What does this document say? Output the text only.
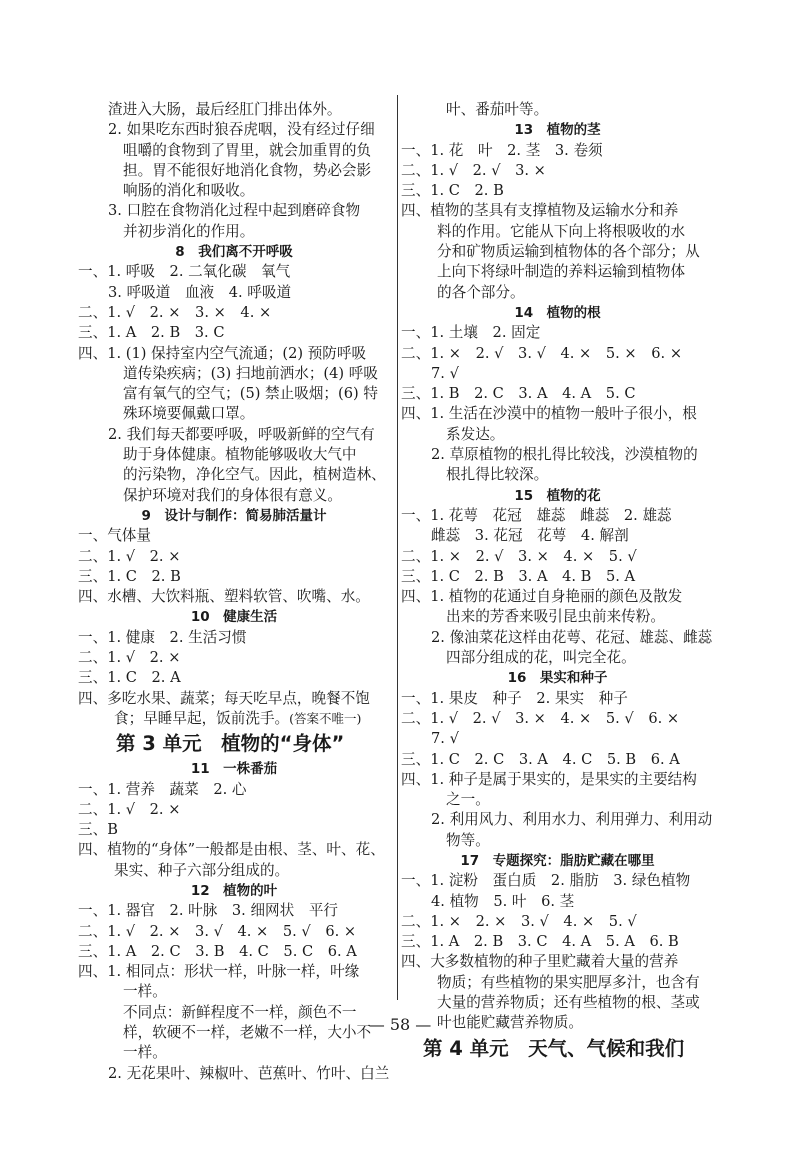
渣进入大肠，最后经肛门排出体外。
2. 如果吃东西时狼吞虎咽，没有经过仔细
咀嚼的食物到了胃里，就会加重胃的负
担。胃不能很好地消化食物，势必会影
响肠的消化和吸收。
3. 口腔在食物消化过程中起到磨碎食物
并初步消化的作用。
8　我们离不开呼吸
一、1. 呼吸　2. 二氧化碳　氧气
3. 呼吸道　血液　4. 呼吸道
二、1. √　2. ×　3. ×　4. ×
三、1. A　2. B　3. C
四、1. (1) 保持室内空气流通；(2) 预防呼吸
道传染疾病；(3) 扫地前洒水；(4) 呼吸
富有氧气的空气；(5) 禁止吸烟；(6) 特
殊环境要佩戴口罩。
2. 我们每天都要呼吸，呼吸新鲜的空气有
助于身体健康。植物能够吸收大气中
的污染物，净化空气。因此，植树造林、
保护环境对我们的身体很有意义。
9　设计与制作：简易肺活量计
一、气体量
二、1. √　2. ×
三、1. C　2. B
四、水槽、大饮料瓶、塑料软管、吹嘴、水。
10　健康生活
一、1. 健康　2. 生活习惯
二、1. √　2. ×
三、1. C　2. A
四、多吃水果、蔬菜；每天吃早点，晚餐不饱
食；早睡早起，饭前洗手。(答案不唯一)
第 3 单元　植物的“身体”
11　一株番茄
一、1. 营养　蔬菜　2. 心
二、1. √　2. ×
三、B
四、植物的“身体”一般都是由根、茎、叶、花、
果实、种子六部分组成的。
12　植物的叶
一、1. 器官　2. 叶脉　3. 细网状　平行
二、1. √　2. ×　3. √　4. ×　5. √　6. ×
三、1. A　2. C　3. B　4. C　5. C　6. A
四、1. 相同点：形状一样，叶脉一样，叶缘
一样。
不同点：新鲜程度不一样，颜色不一
样，软硬不一样，老嫩不一样，大小不
一样。
2. 无花果叶、辣椒叶、芭蕉叶、竹叶、白兰
叶、番茄叶等。
13　植物的茎
一、1. 花　叶　2. 茎　3. 卷须
二、1. √　2. √　3. ×
三、1. C　2. B
四、植物的茎具有支撑植物及运输水分和养
料的作用。它能从下向上将根吸收的水
分和矿物质运输到植物体的各个部分；从
上向下将绿叶制造的养料运输到植物体
的各个部分。
14　植物的根
一、1. 土壤　2. 固定
二、1. ×　2. √　3. √　4. ×　5. ×　6. ×
7. √
三、1. B　2. C　3. A　4. A　5. C
四、1. 生活在沙漠中的植物一般叶子很小，根
系发达。
2. 草原植物的根扎得比较浅，沙漠植物的
根扎得比较深。
15　植物的花
一、1. 花萼　花冠　雄蕊　雌蕊　2. 雄蕊
雌蕊　3. 花冠　花萼　4. 解剖
二、1. ×　2. √　3. ×　4. ×　5. √
三、1. C　2. B　3. A　4. B　5. A
四、1. 植物的花通过自身艳丽的颜色及散发
出来的芳香来吸引昆虫前来传粉。
2. 像油菜花这样由花萼、花冠、雄蕊、雌蕊
四部分组成的花，叫完全花。
16　果实和种子
一、1. 果皮　种子　2. 果实　种子
二、1. √　2. √　3. ×　4. ×　5. √　6. ×
7. √
三、1. C　2. C　3. A　4. C　5. B　6. A
四、1. 种子是属于果实的，是果实的主要结构
之一。
2. 利用风力、利用水力、利用弹力、利用动
物等。
17　专题探究：脂肪贮藏在哪里
一、1. 淀粉　蛋白质　2. 脂肪　3. 绿色植物
4. 植物　5. 叶　6. 茎
二、1. ×　2. ×　3. √　4. ×　5. √
三、1. A　2. B　3. C　4. A　5. A　6. B
四、大多数植物的种子里贮藏着大量的营养
物质；有些植物的果实肥厚多汁，也含有
大量的营养物质；还有些植物的根、茎或
叶也能贮藏营养物质。
第 4 单元　天气、气候和我们
— 58 —
